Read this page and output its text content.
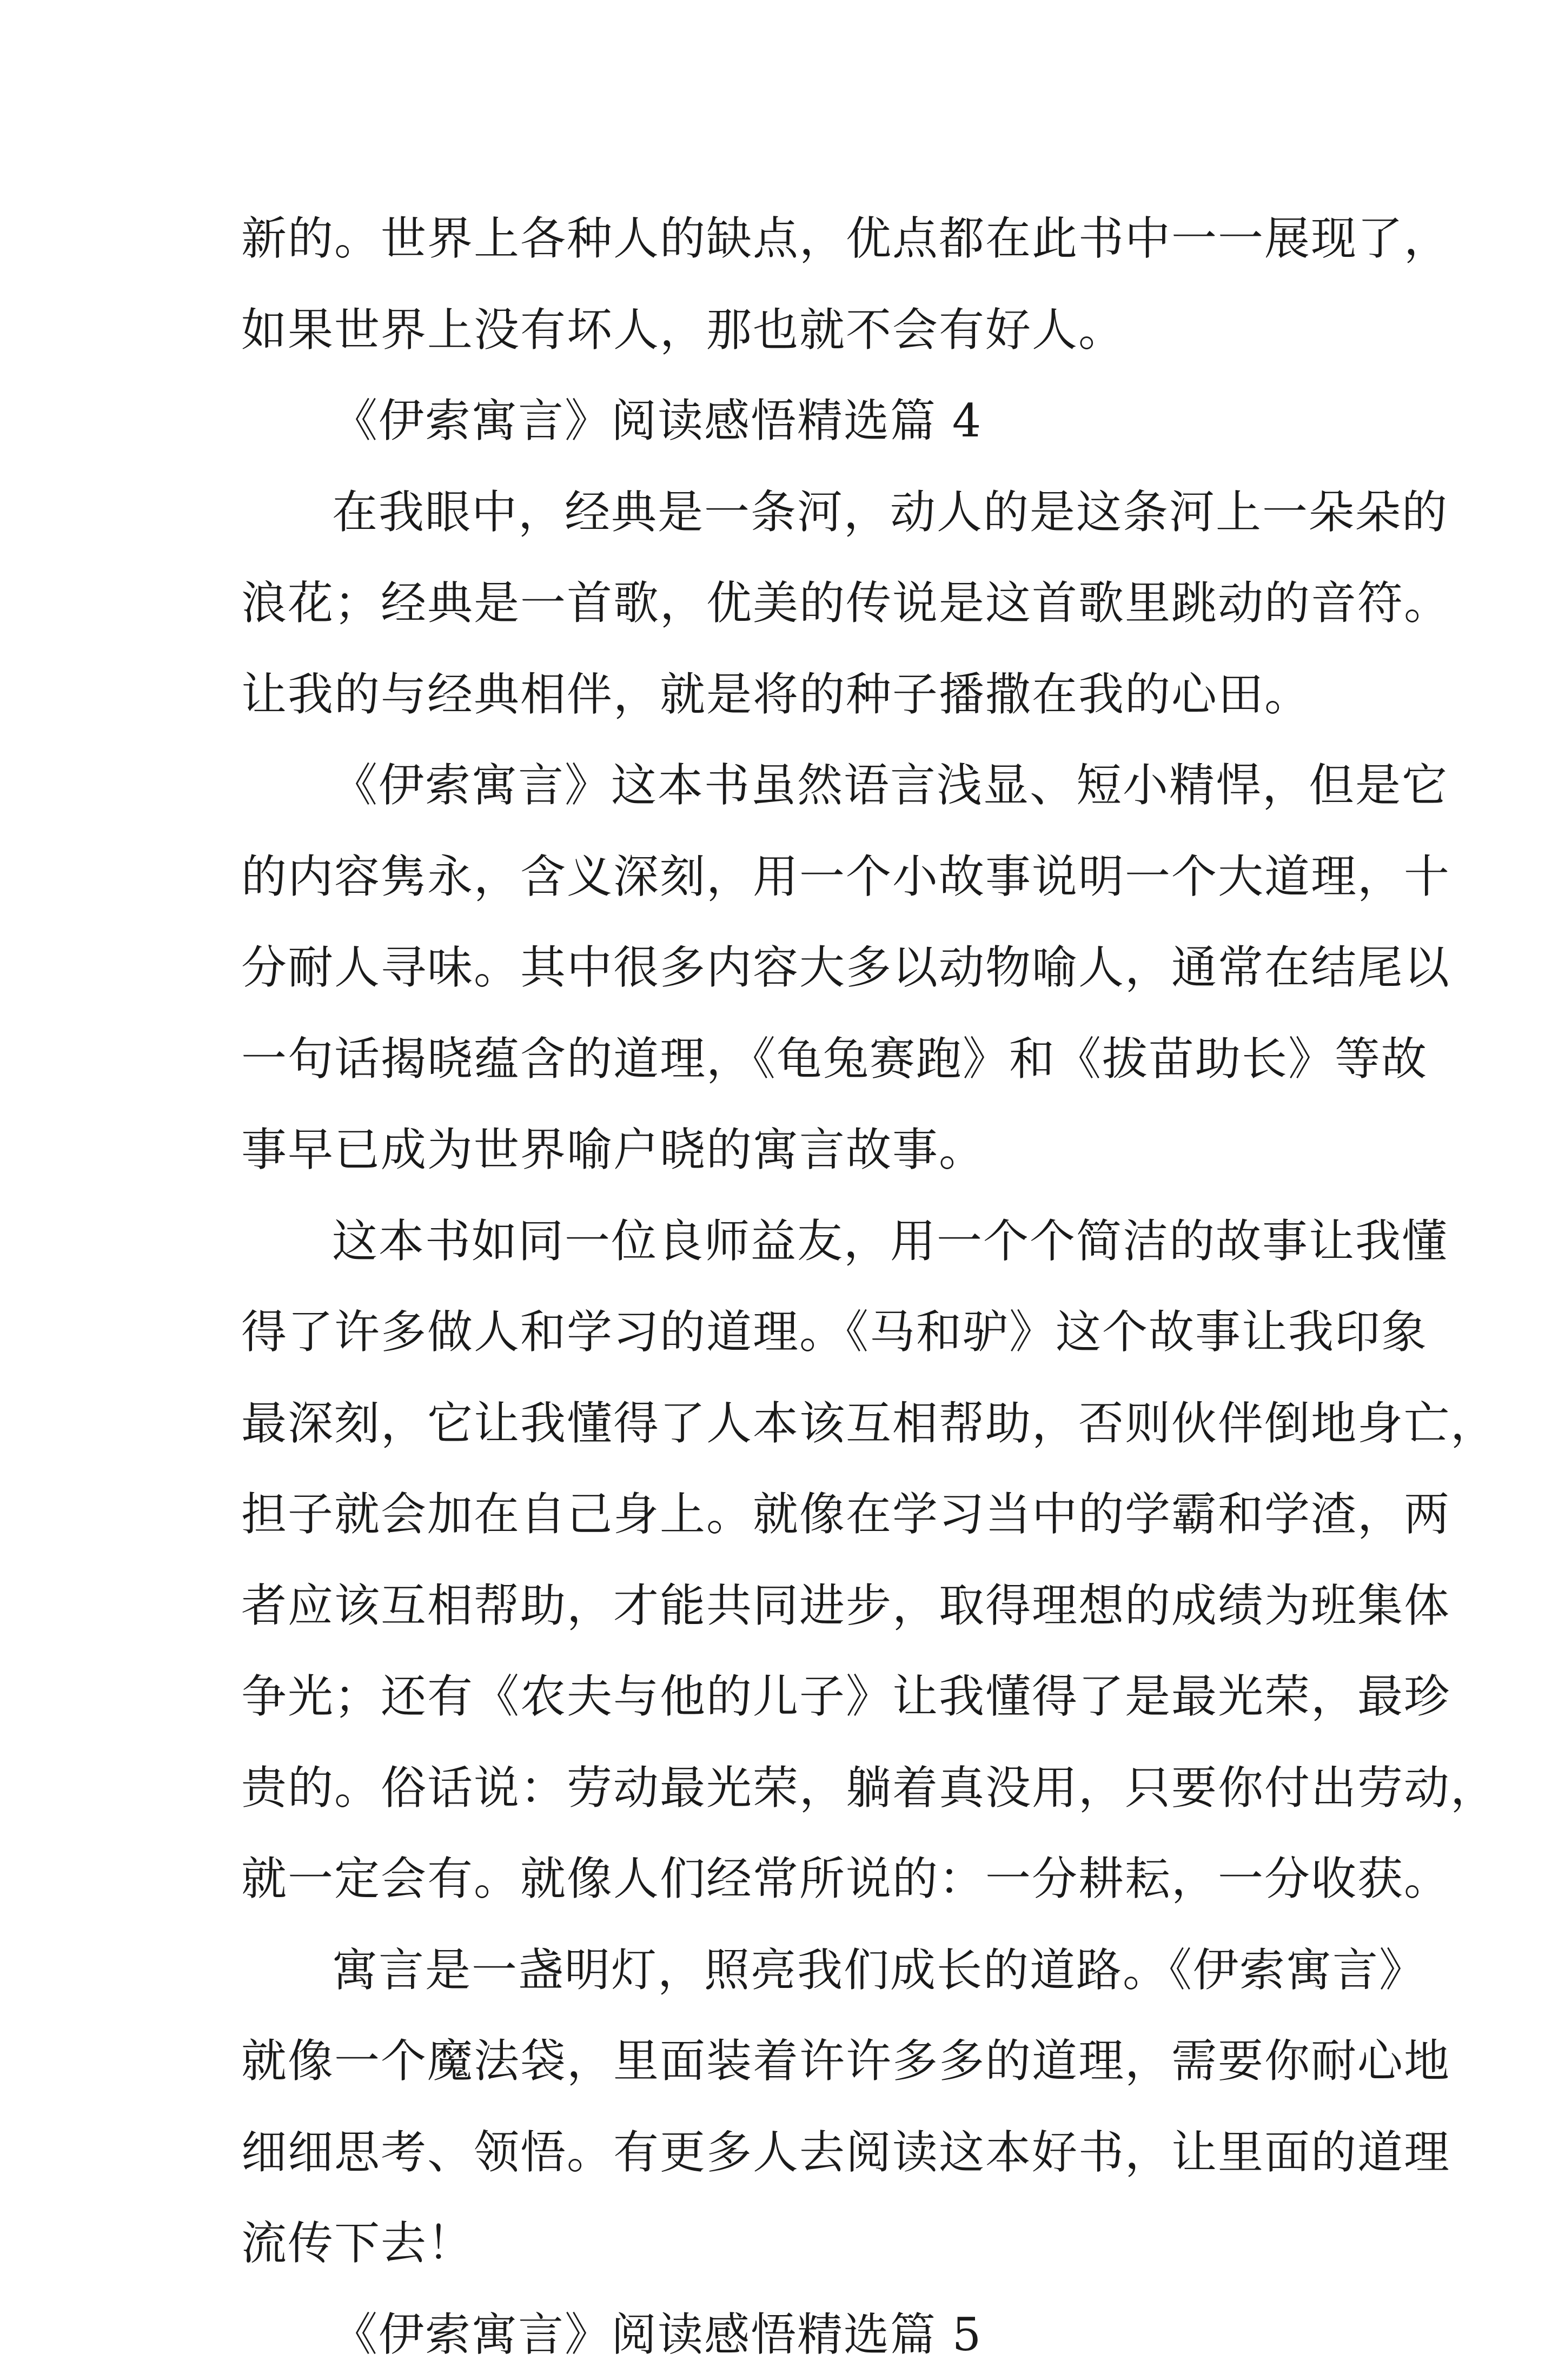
新的。世界上各种人的缺点，优点都在此书中一一展现了，
如果世界上没有坏人，那也就不会有好人。

《伊索寓言》阅读感悟精选篇 4

在我眼中，经典是一条河，动人的是这条河上一朵朵的
浪花；经典是一首歌，优美的传说是这首歌里跳动的音符。
让我的与经典相伴，就是将的种子播撒在我的心田。

《伊索寓言》这本书虽然语言浅显、短小精悍，但是它
的内容隽永，含义深刻，用一个小故事说明一个大道理，十
分耐人寻味。其中很多内容大多以动物喻人，通常在结尾以
一句话揭晓蕴含的道理，《龟兔赛跑》和《拔苗助长》等故
事早已成为世界喻户晓的寓言故事。

这本书如同一位良师益友，用一个个简洁的故事让我懂
得了许多做人和学习的道理。《马和驴》这个故事让我印象
最深刻，它让我懂得了人本该互相帮助，否则伙伴倒地身亡，
担子就会加在自己身上。就像在学习当中的学霸和学渣，两
者应该互相帮助，才能共同进步，取得理想的成绩为班集体
争光；还有《农夫与他的儿子》让我懂得了是最光荣，最珍
贵的。俗话说：劳动最光荣，躺着真没用，只要你付出劳动，
就一定会有。就像人们经常所说的：一分耕耘，一分收获。

寓言是一盏明灯，照亮我们成长的道路。《伊索寓言》
就像一个魔法袋，里面装着许许多多的道理，需要你耐心地
细细思考、领悟。有更多人去阅读这本好书，让里面的道理
流传下去！

《伊索寓言》阅读感悟精选篇 5
